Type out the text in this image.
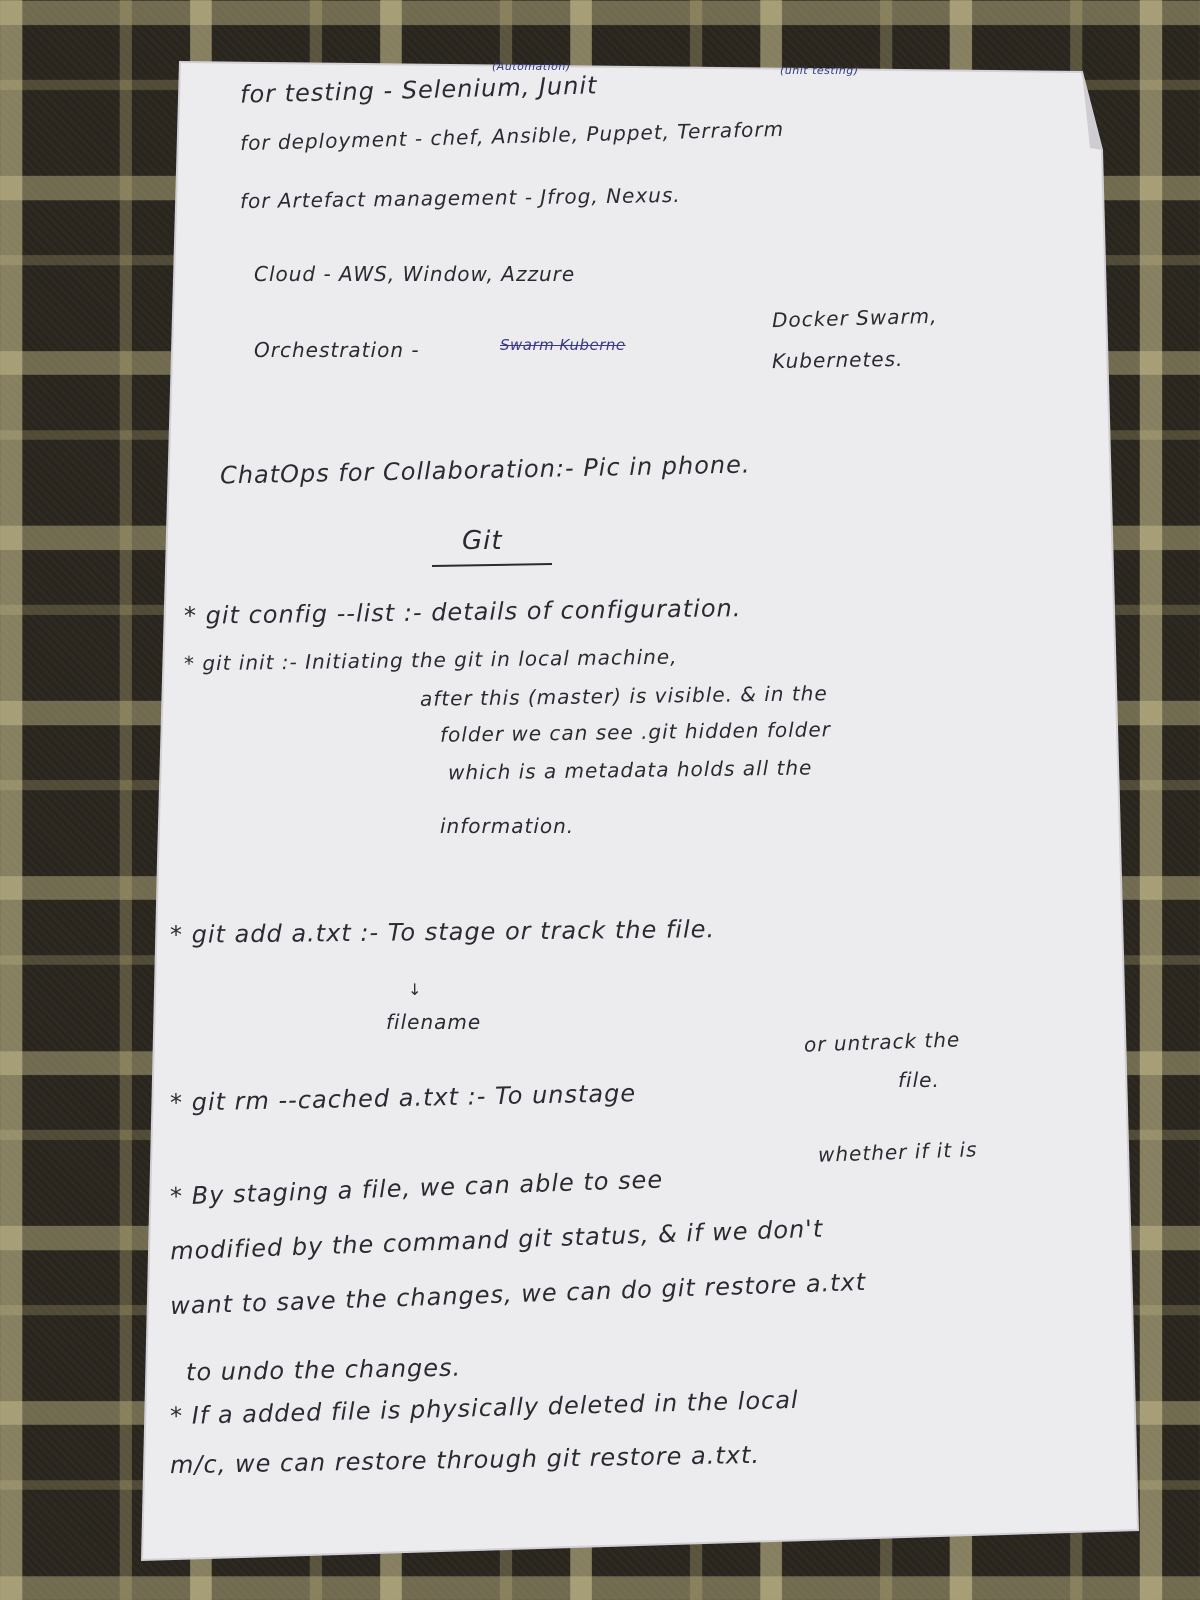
(Automation)	(unit testing)
for testing - Selenium, Junit
for deployment - chef, Ansible, Puppet, Terraform
for Artefact management - Jfrog, Nexus.
Cloud - AWS, Window, Azzure
Orchestration -	Swarm Kuberne
Docker Swarm,
Kubernetes.
ChatOps for Collaboration:- Pic in phone.
Git
* git config --list :- details of configuration.
* git init :- Initiating the git in local machine,
after this (master) is visible. & in the
folder we can see .git hidden folder
which is a metadata holds all the
information.
* git add a.txt :- To stage or track the file.
↓
filename
or untrack the
* git rm --cached a.txt :- To unstage	file.
whether if it is
* By staging a file, we can able to see
modified by the command git status, & if we don't
want to save the changes, we can do git restore a.txt
to undo the changes.
* If a added file is physically deleted in the local
m/c, we can restore through git restore a.txt.
